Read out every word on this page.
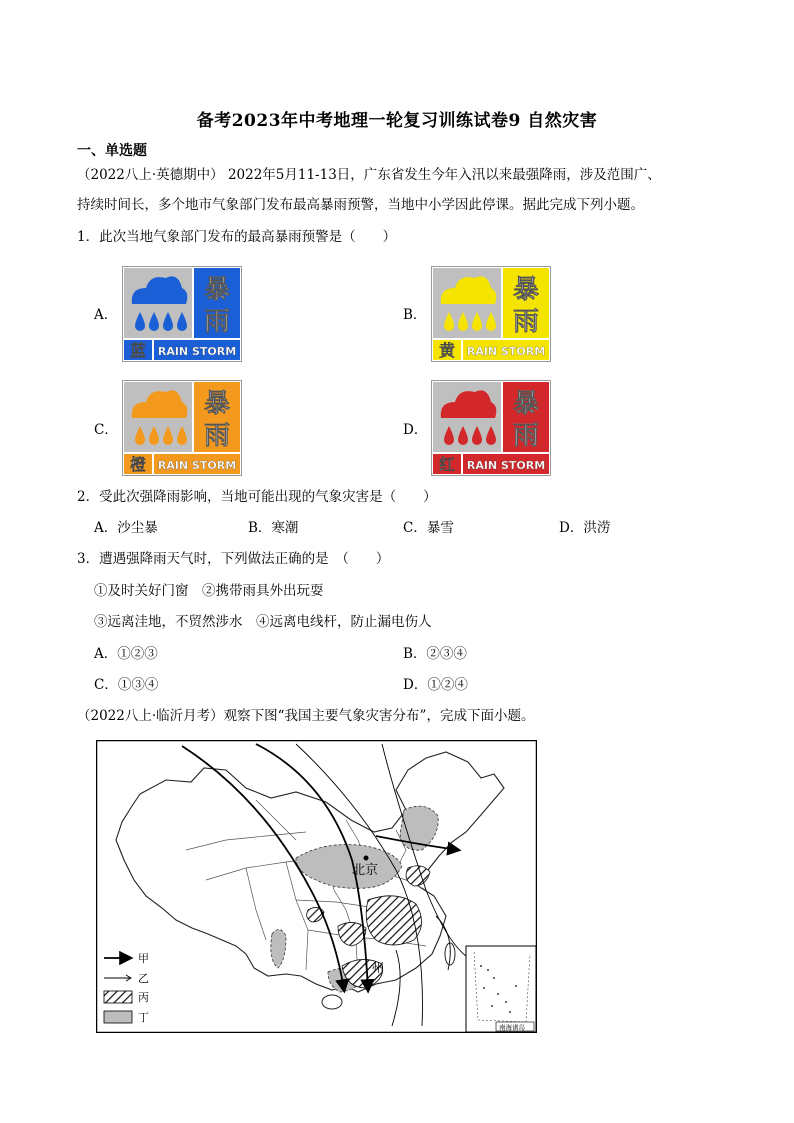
备考2023年中考地理一轮复习训练试卷9 自然灾害
一、单选题
（2022八上·英德期中） 2022年5月11-13日，广东省发生今年入汛以来最强降雨，涉及范围广、
持续时间长，多个地市气象部门发布最高暴雨预警，当地中小学因此停课。据此完成下列小题。
1．此次当地气象部门发布的最高暴雨预警是（　　）
A．
暴
雨
蓝 RAIN STORM
B．
暴
雨
黄 RAIN STORM
C．
暴
雨
橙 RAIN STORM
D．
暴
雨
红 RAIN STORM
2．受此次强降雨影响，当地可能出现的气象灾害是（　　）
A．沙尘暴	B．寒潮	C．暴雪	D．洪涝
3．遭遇强降雨天气时，下列做法正确的是　（　　）
①及时关好门窗　②携带雨具外出玩耍
③远离洼地，不贸然涉水　④远离电线杆，防止漏电伤人
A．①②③	B．②③④
C．①③④	D．①②④
（2022八上·临沂月考）观察下图“我国主要气象灾害分布”，完成下面小题。
北京
州
南海诸岛
甲
乙
丙
丁
